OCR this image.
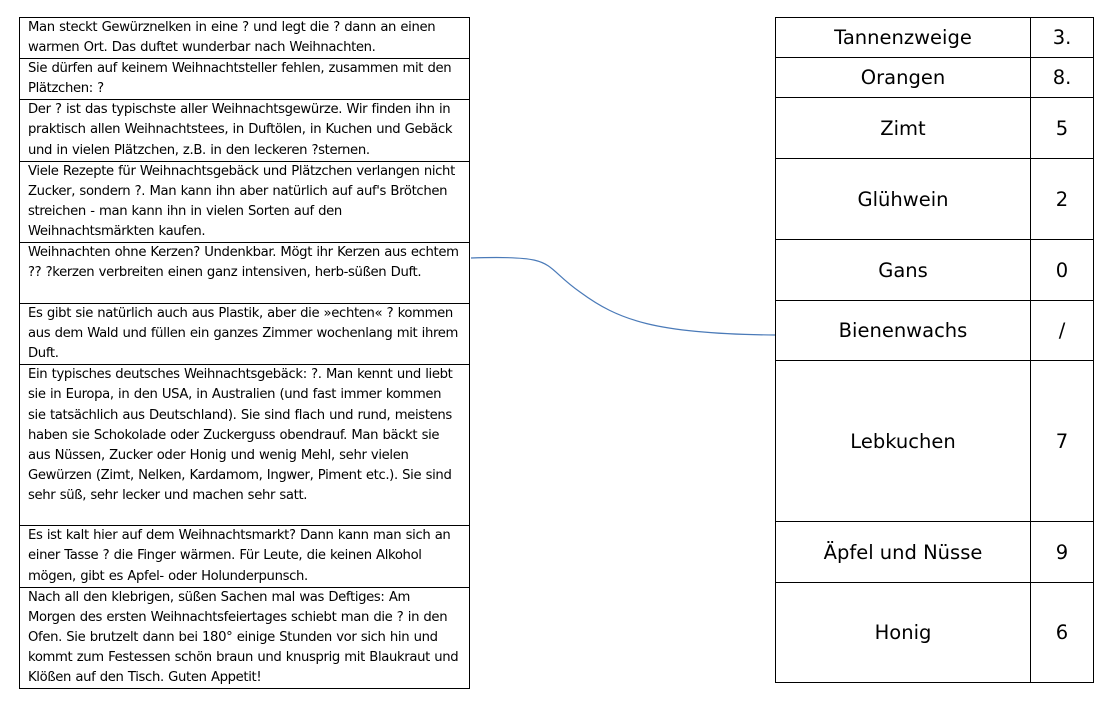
Man steckt Gewürznelken in eine ? und legt die ? dann an einen warmen Ort. Das duftet wunderbar nach Weihnachten.
Sie dürfen auf keinem Weihnachtsteller fehlen, zusammen mit den Plätzchen: ?
Der ? ist das typischste aller Weihnachtsgewürze. Wir finden ihn in praktisch allen Weihnachtstees, in Duftölen, in Kuchen und Gebäck und in vielen Plätzchen, z.B. in den leckeren ?sternen.
Viele Rezepte für Weihnachtsgebäck und Plätzchen verlangen nicht Zucker, sondern ?. Man kann ihn aber natürlich auf auf's Brötchen streichen - man kann ihn in vielen Sorten auf den Weihnachtsmärkten kaufen.
Weihnachten ohne Kerzen? Undenkbar. Mögt ihr Kerzen aus echtem ?? ?kerzen verbreiten einen ganz intensiven, herb-süßen Duft.
Es gibt sie natürlich auch aus Plastik, aber die »echten« ? kommen aus dem Wald und füllen ein ganzes Zimmer wochenlang mit ihrem Duft.
Ein typisches deutsches Weihnachtsgebäck: ?. Man kennt und liebt sie in Europa, in den USA, in Australien (und fast immer kommen sie tatsächlich aus Deutschland). Sie sind flach und rund, meistens haben sie Schokolade oder Zuckerguss obendrauf. Man bäckt sie aus Nüssen, Zucker oder Honig und wenig Mehl, sehr vielen Gewürzen (Zimt, Nelken, Kardamom, Ingwer, Piment etc.). Sie sind sehr süß, sehr lecker und machen sehr satt.
Es ist kalt hier auf dem Weihnachtsmarkt? Dann kann man sich an einer Tasse ? die Finger wärmen. Für Leute, die keinen Alkohol mögen, gibt es Apfel- oder Holunderpunsch.
Nach all den klebrigen, süßen Sachen mal was Deftiges: Am Morgen des ersten Weihnachtsfeiertages schiebt man die ? in den Ofen. Sie brutzelt dann bei 180° einige Stunden vor sich hin und kommt zum Festessen schön braun und knusprig mit Blaukraut und Klößen auf den Tisch. Guten Appetit!
Tannenzweige	3.
Orangen	8.
Zimt	5
Glühwein	2
Gans	0
Bienenwachs	/
Lebkuchen	7
Äpfel und Nüsse	9
Honig	6
